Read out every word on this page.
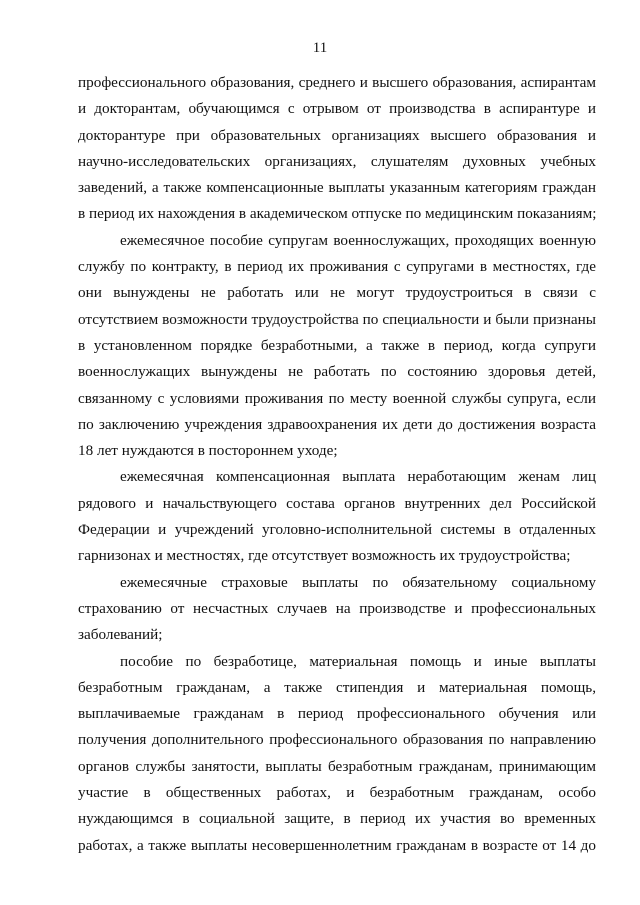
11

профессионального образования, среднего и высшего образования, аспирантам
и докторантам, обучающимся с отрывом от производства в аспирантуре и
докторантуре при образовательных организациях высшего образования и
научно-исследовательских организациях, слушателям духовных учебных
заведений, а также компенсационные выплаты указанным категориям граждан
в период их нахождения в академическом отпуске по медицинским показаниям;

ежемесячное пособие супругам военнослужащих, проходящих военную
службу по контракту, в период их проживания с супругами в местностях, где
они вынуждены не работать или не могут трудоустроиться в связи с
отсутствием возможности трудоустройства по специальности и были признаны
в установленном порядке безработными, а также в период, когда супруги
военнослужащих вынуждены не работать по состоянию здоровья детей,
связанному с условиями проживания по месту военной службы супруга, если
по заключению учреждения здравоохранения их дети до достижения возраста
18 лет нуждаются в постороннем уходе;

ежемесячная компенсационная выплата неработающим женам лиц
рядового и начальствующего состава органов внутренних дел Российской
Федерации и учреждений уголовно-исполнительной системы в отдаленных
гарнизонах и местностях, где отсутствует возможность их трудоустройства;

ежемесячные страховые выплаты по обязательному социальному
страхованию от несчастных случаев на производстве и профессиональных
заболеваний;

пособие по безработице, материальная помощь и иные выплаты
безработным гражданам, а также стипендия и материальная помощь,
выплачиваемые гражданам в период профессионального обучения или
получения дополнительного профессионального образования по направлению
органов службы занятости, выплаты безработным гражданам, принимающим
участие в общественных работах, и безработным гражданам, особо
нуждающимся в социальной защите, в период их участия во временных
работах, а также выплаты несовершеннолетним гражданам в возрасте от 14 до
